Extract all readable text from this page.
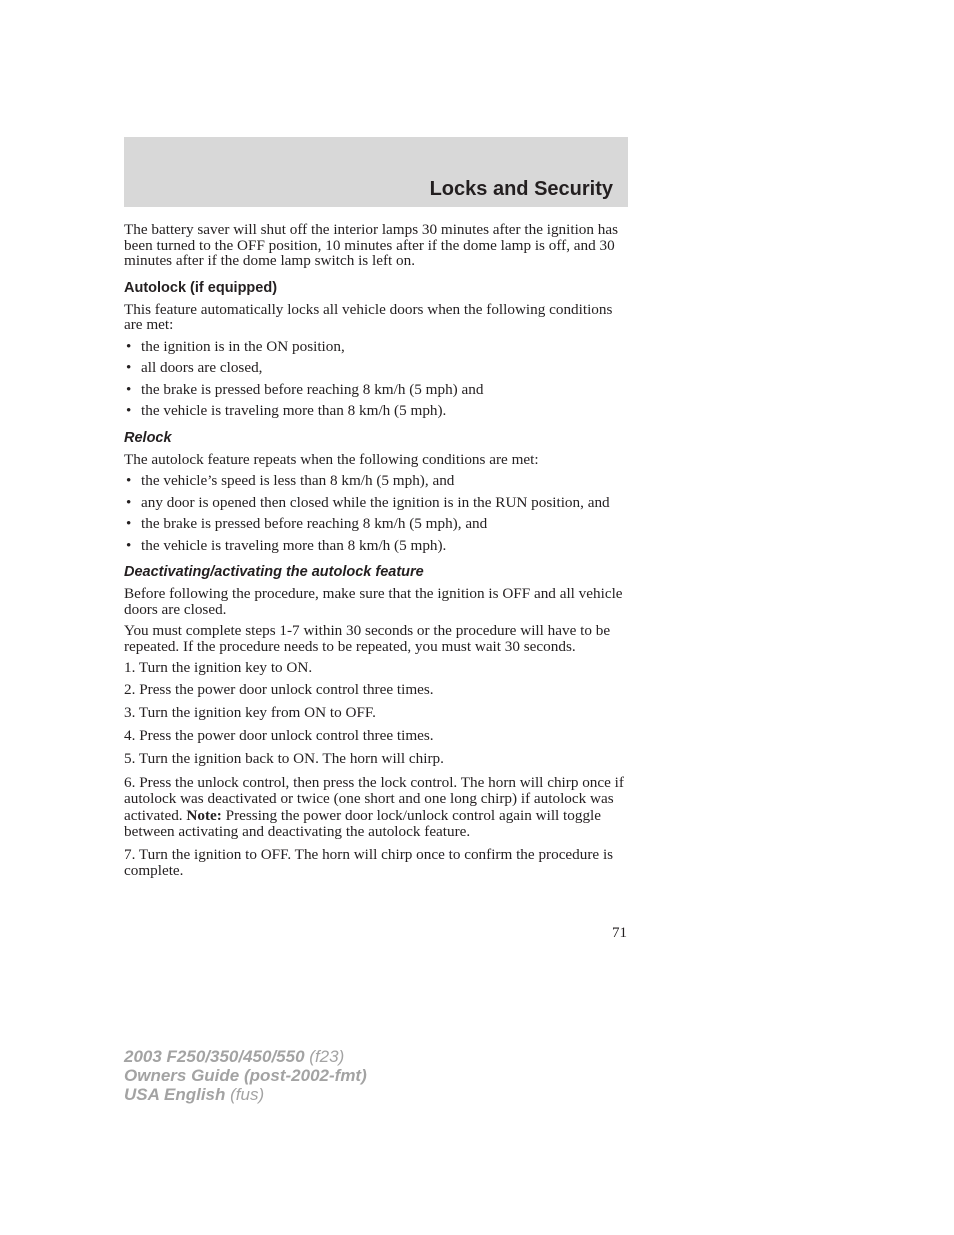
Locks and Security

The battery saver will shut off the interior lamps 30 minutes after the ignition has been turned to the OFF position, 10 minutes after if the dome lamp is off, and 30 minutes after if the dome lamp switch is left on.

Autolock (if equipped)

This feature automatically locks all vehicle doors when the following conditions are met:

• the ignition is in the ON position,
• all doors are closed,
• the brake is pressed before reaching 8 km/h (5 mph) and
• the vehicle is traveling more than 8 km/h (5 mph).
Relock

The autolock feature repeats when the following conditions are met:

• the vehicle’s speed is less than 8 km/h (5 mph), and
• any door is opened then closed while the ignition is in the RUN position, and
• the brake is pressed before reaching 8 km/h (5 mph), and
• the vehicle is traveling more than 8 km/h (5 mph).
Deactivating/activating the autolock feature

Before following the procedure, make sure that the ignition is OFF and all vehicle doors are closed.

You must complete steps 1-7 within 30 seconds or the procedure will have to be repeated. If the procedure needs to be repeated, you must wait 30 seconds.

1. Turn the ignition key to ON.
2. Press the power door unlock control three times.
3. Turn the ignition key from ON to OFF.
4. Press the power door unlock control three times.
5. Turn the ignition back to ON. The horn will chirp.
6. Press the unlock control, then press the lock control. The horn will chirp once if autolock was deactivated or twice (one short and one long chirp) if autolock was activated. Note: Pressing the power door lock/unlock control again will toggle between activating and deactivating the autolock feature.
7. Turn the ignition to OFF. The horn will chirp once to confirm the procedure is complete.
71
2003 F250/350/450/550 (f23)
Owners Guide (post-2002-fmt)
USA English (fus)
